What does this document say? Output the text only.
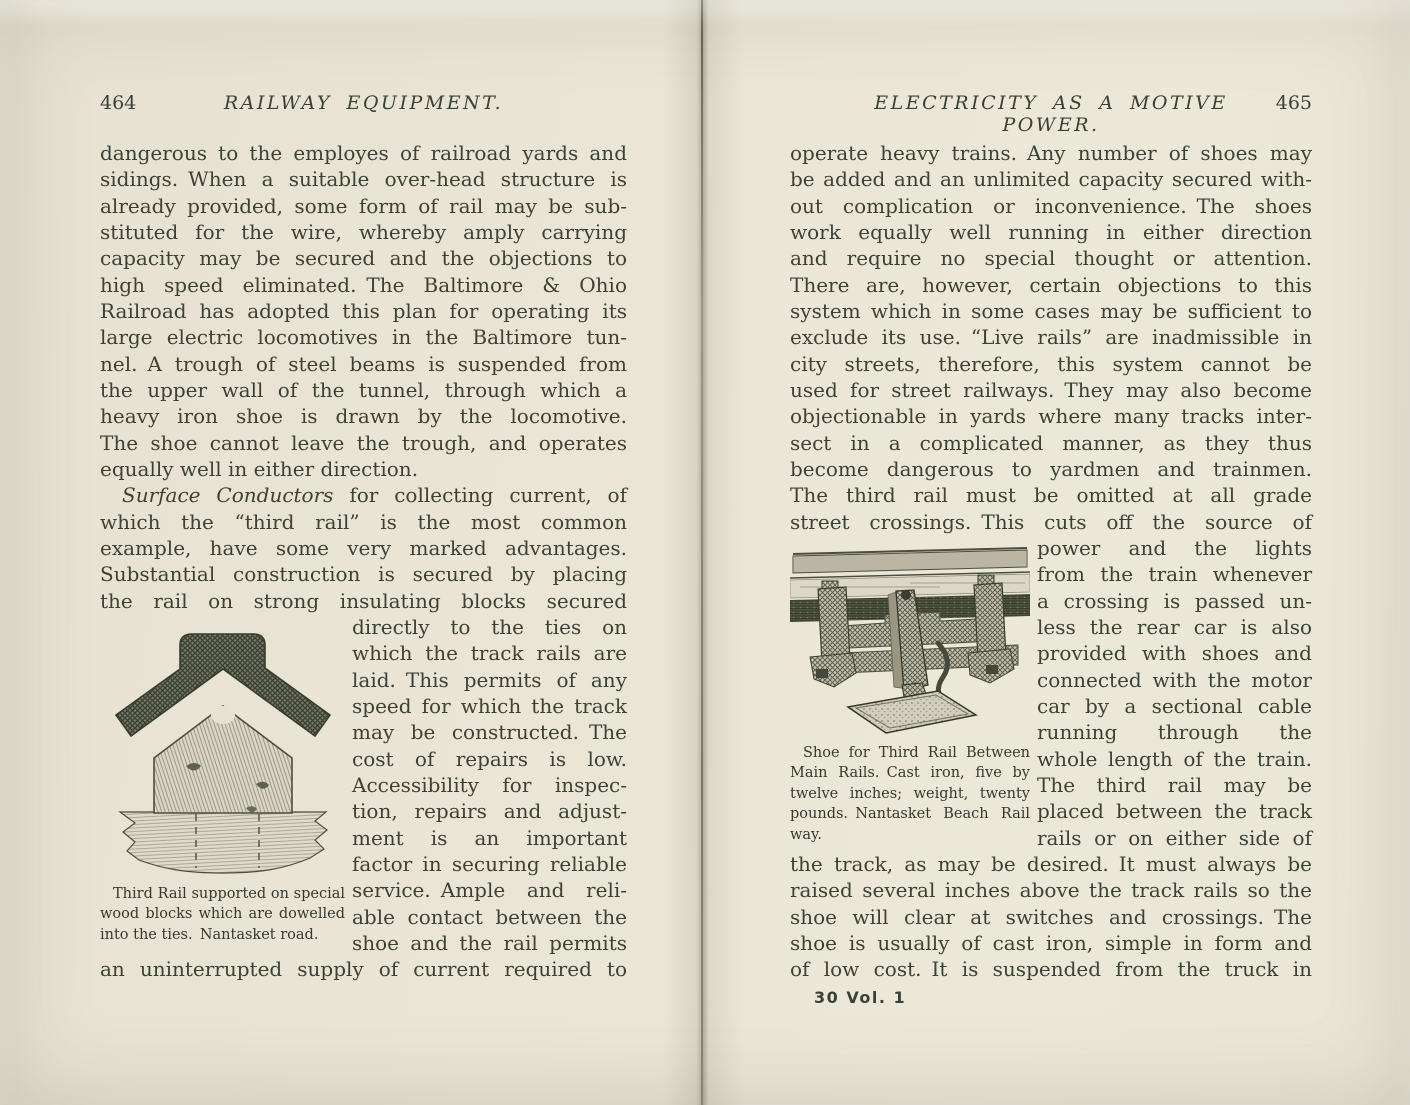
464	RAILWAY EQUIPMENT.
dangerous to the employes of railroad yards and
sidings. When a suitable over-head structure is
already provided, some form of rail may be sub-
stituted for the wire, whereby amply carrying
capacity may be secured and the objections to
high speed eliminated. The Baltimore & Ohio
Railroad has adopted this plan for operating its
large electric locomotives in the Baltimore tun-
nel. A trough of steel beams is suspended from
the upper wall of the tunnel, through which a
heavy iron shoe is drawn by the locomotive.
The shoe cannot leave the trough, and operates
equally well in either direction.
Surface Conductors for collecting current, of
which the “third rail” is the most common
example, have some very marked advantages.
Substantial construction is secured by placing
the rail on strong insulating blocks secured
Third Rail supported on special
wood blocks which are dowelled
into the ties. Nantasket road.
directly to the ties on
which the track rails are
laid. This permits of any
speed for which the track
may be constructed. The
cost of repairs is low.
Accessibility for inspec-
tion, repairs and adjust-
ment is an important
factor in securing reliable
service. Ample and reli-
able contact between the
shoe and the rail permits
an uninterrupted supply of current required to
ELECTRICITY AS A MOTIVE POWER.
465
operate heavy trains. Any number of shoes may
be added and an unlimited capacity secured with-
out complication or inconvenience. The shoes
work equally well running in either direction
and require no special thought or attention.
There are, however, certain objections to this
system which in some cases may be sufficient to
exclude its use. “Live rails” are inadmissible in
city streets, therefore, this system cannot be
used for street railways. They may also become
objectionable in yards where many tracks inter-
sect in a complicated manner, as they thus
become dangerous to yardmen and trainmen.
The third rail must be omitted at all grade
street crossings. This cuts off the source of
Shoe for Third Rail Between
Main Rails. Cast iron, five by
twelve inches; weight, twenty
pounds. Nantasket Beach Rail
way.
power and the lights
from the train whenever
a crossing is passed un-
less the rear car is also
provided with shoes and
connected with the motor
car by a sectional cable
running through the
whole length of the train.
The third rail may be
placed between the track
rails or on either side of
the track, as may be desired. It must always be
raised several inches above the track rails so the
shoe will clear at switches and crossings. The
shoe is usually of cast iron, simple in form and
of low cost. It is suspended from the truck in
30 Vol. 1
